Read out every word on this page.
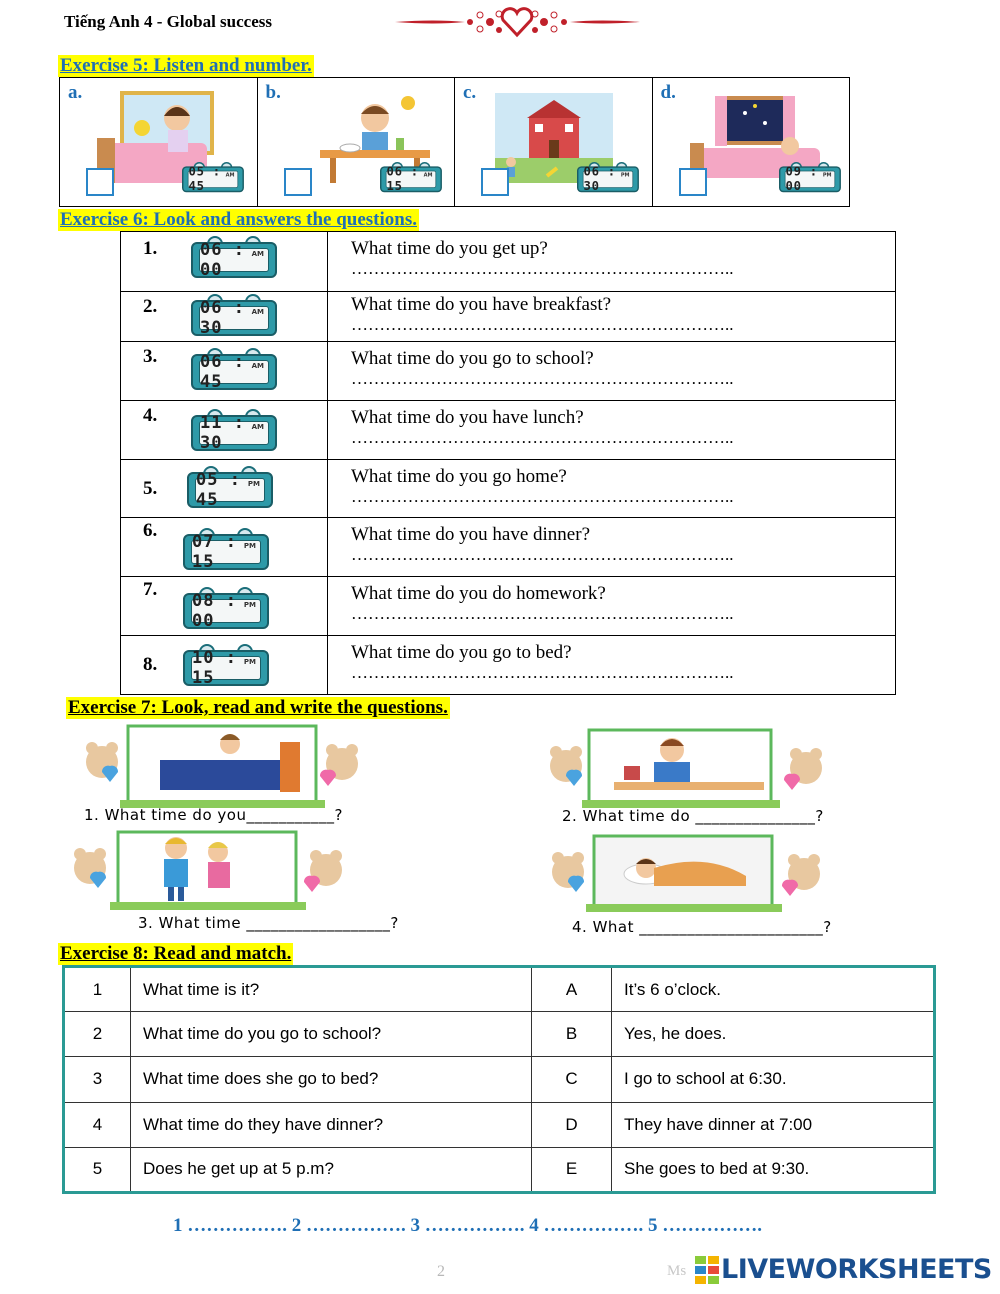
Tiếng Anh 4 - Global success
Exercise 5: Listen and number.
a.
05 : 45
AM
b.
06 : 15
AM
c.
06 : 30
PM
d.
09 : 00
PM
Exercise 6: Look and answers the questions.
1.	06 : 00
AM	What time do you get up?
…………………………………………………………..
2.	06 : 30
AM	What time do you have breakfast?
…………………………………………………………..
3.	06 : 45
AM	What time do you go to school?
…………………………………………………………..
4.	11 : 30
AM	What time do you have lunch?
…………………………………………………………..
5. 05 : 45
PM	What time do you go home?
…………………………………………………………..
6.
07 : 15
PM
What time do you have dinner?
…………………………………………………………..
7.
08 : 00
PM
What time do you do homework?
…………………………………………………………..
8. 10 : 15
PM	What time do you go to bed?
…………………………………………………………..
Exercise 7: Look, read and write the questions.
1. What time do you___________?	2. What time do _______________?
3. What time __________________?	4. What _______________________?
Exercise 8: Read and match.
1	What time is it?	A	It’s 6 o’clock.
2	What time do you go to school?	B	Yes, he does.
3	What time does she go to bed?	C	I go to school at 6:30.
4	What time do they have dinner?	D	They have dinner at 7:00
5	Does he get up at 5 p.m?	E	She goes to bed at 9:30.
1 ……………. 2 ……………. 3 ……………. 4 ……………. 5 …………….
2	Ms LIVEWORKSHEETS
